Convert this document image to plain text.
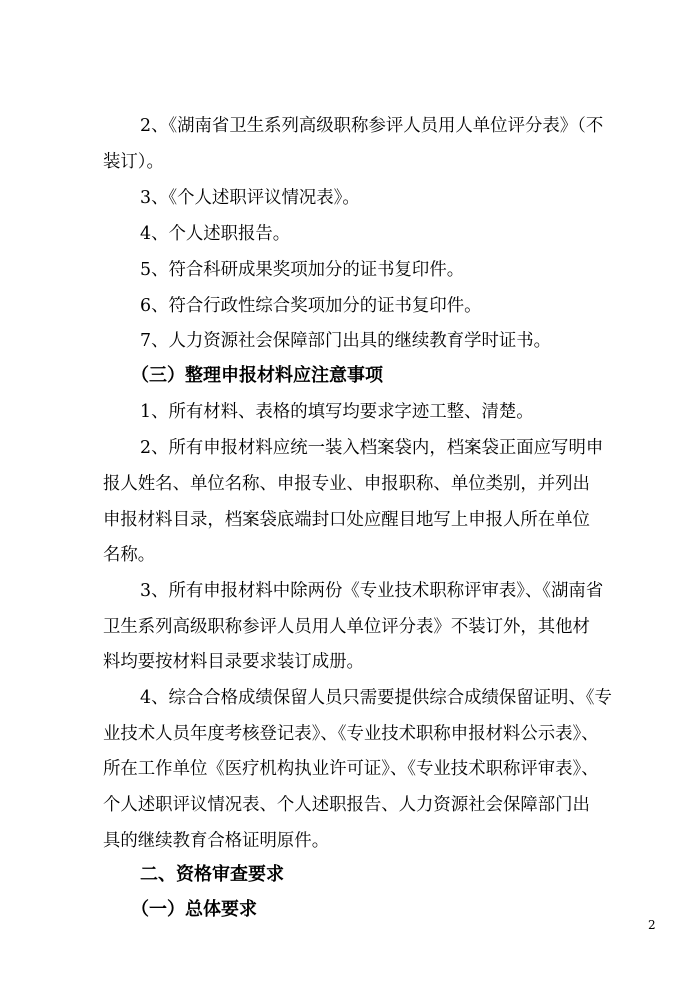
2、《湖南省卫生系列高级职称参评人员用人单位评分表》（不

装订）。

3、《个人述职评议情况表》。

4、个人述职报告。

5、符合科研成果奖项加分的证书复印件。

6、符合行政性综合奖项加分的证书复印件。

7、人力资源社会保障部门出具的继续教育学时证书。

（三）整理申报材料应注意事项

1、所有材料、表格的填写均要求字迹工整、清楚。

2、所有申报材料应统一装入档案袋内，档案袋正面应写明申

报人姓名、单位名称、申报专业、申报职称、单位类别，并列出

申报材料目录，档案袋底端封口处应醒目地写上申报人所在单位

名称。

3、所有申报材料中除两份《专业技术职称评审表》、《湖南省

卫生系列高级职称参评人员用人单位评分表》不装订外，其他材

料均要按材料目录要求装订成册。

4、综合合格成绩保留人员只需要提供综合成绩保留证明、《专

业技术人员年度考核登记表》、《专业技术职称申报材料公示表》、

所在工作单位《医疗机构执业许可证》、《专业技术职称评审表》、

个人述职评议情况表、个人述职报告、人力资源社会保障部门出

具的继续教育合格证明原件。

二、资格审查要求

（一）总体要求

2
